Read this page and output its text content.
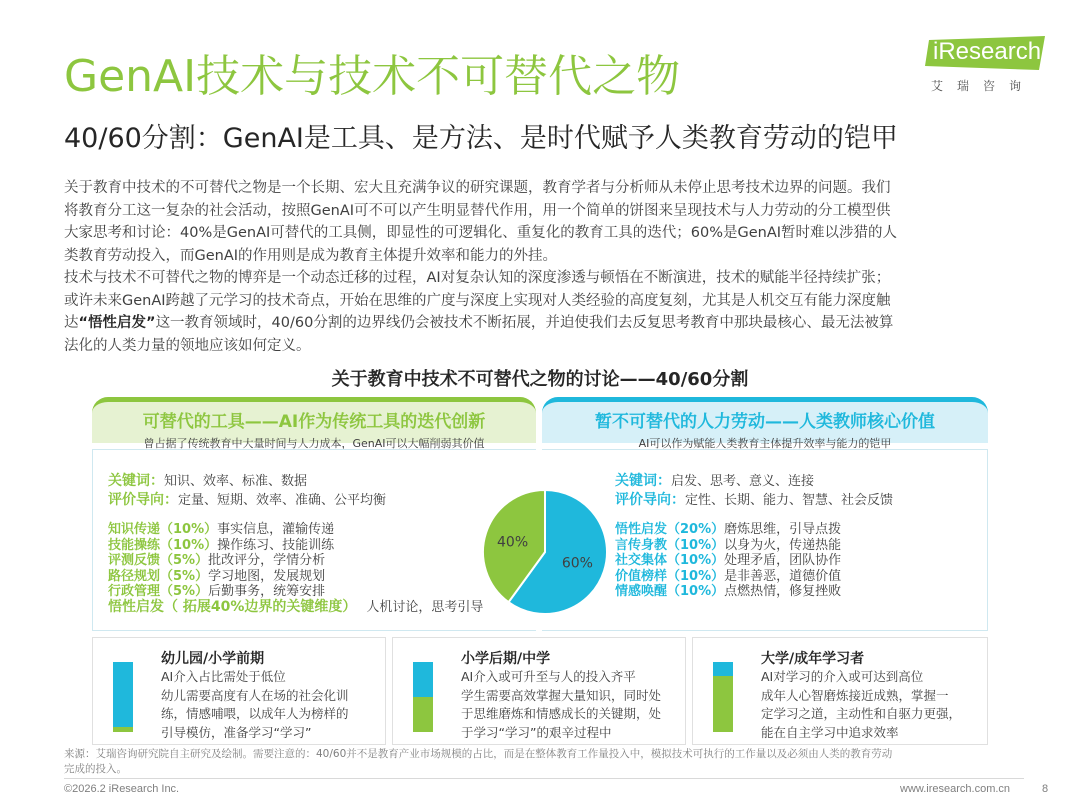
GenAI技术与技术不可替代之物
40/60分割：GenAI是工具、是方法、是时代赋予人类教育劳动的铠甲
iResearch
艾瑞咨询
关于教育中技术的不可替代之物是一个长期、宏大且充满争议的研究课题，教育学者与分析师从未停止思考技术边界的问题。我们
将教育分工这一复杂的社会活动，按照GenAI可不可以产生明显替代作用，用一个简单的饼图来呈现技术与人力劳动的分工模型供
大家思考和讨论：40%是GenAI可替代的工具侧，即显性的可逻辑化、重复化的教育工具的迭代；60%是GenAI暂时难以涉猎的人
类教育劳动投入，而GenAI的作用则是成为教育主体提升效率和能力的外挂。
技术与技术不可替代之物的博弈是一个动态迁移的过程，AI对复杂认知的深度渗透与顿悟在不断演进，技术的赋能半径持续扩张；
或许未来GenAI跨越了元学习的技术奇点，开始在思维的广度与深度上实现对人类经验的高度复刻，尤其是人机交互有能力深度触
达“悟性启发”这一教育领域时，40/60分割的边界线仍会被技术不断拓展，并迫使我们去反复思考教育中那块最核心、最无法被算
法化的人类力量的领地应该如何定义。
关于教育中技术不可替代之物的讨论——40/60分割
可替代的工具——AI作为传统工具的迭代创新
曾占据了传统教育中大量时间与人力成本，GenAI可以大幅削弱其价值
暂不可替代的人力劳动——人类教师核心价值
AI可以作为赋能人类教育主体提升效率与能力的铠甲
关键词：知识、效率、标准、数据
评价导向：定量、短期、效率、准确、公平均衡
知识传递（10%）事实信息，灌输传递
技能操练（10%）操作练习、技能训练
评测反馈（5%）批改评分，学情分析
路径规划（5%）学习地图，发展规划
行政管理（5%）后勤事务，统筹安排
悟性启发（ 拓展40%边界的关键维度） 人机讨论，思考引导
关键词：启发、思考、意义、连接
评价导向：定性、长期、能力、智慧、社会反馈
悟性启发（20%）磨炼思维，引导点拨
言传身教（10%）以身为火，传递热能
社交集体（10%）处理矛盾，团队协作
价值榜样（10%）是非善恶，道德价值
情感唤醒（10%）点燃热情，修复挫败
60%
40%
幼儿园/小学前期
AI介入占比需处于低位
幼儿需要高度有人在场的社会化训
练，情感哺喂，以成年人为榜样的
引导模仿，准备学习“学习”
小学后期/中学
AI介入或可升至与人的投入齐平
学生需要高效掌握大量知识，同时处
于思维磨炼和情感成长的关键期，处
于学习“学习”的艰辛过程中
大学/成年学习者
AI对学习的介入或可达到高位
成年人心智磨炼接近成熟，掌握一
定学习之道，主动性和自驱力更强，
能在自主学习中追求效率
来源：艾瑞咨询研究院自主研究及绘制。需要注意的：40/60并不是教育产业市场规模的占比，而是在整体教育工作量投入中，模拟技术可执行的工作量以及必须由人类的教育劳动
完成的投入。
©2026.2 iResearch Inc.	www.iresearch.com.cn	8
